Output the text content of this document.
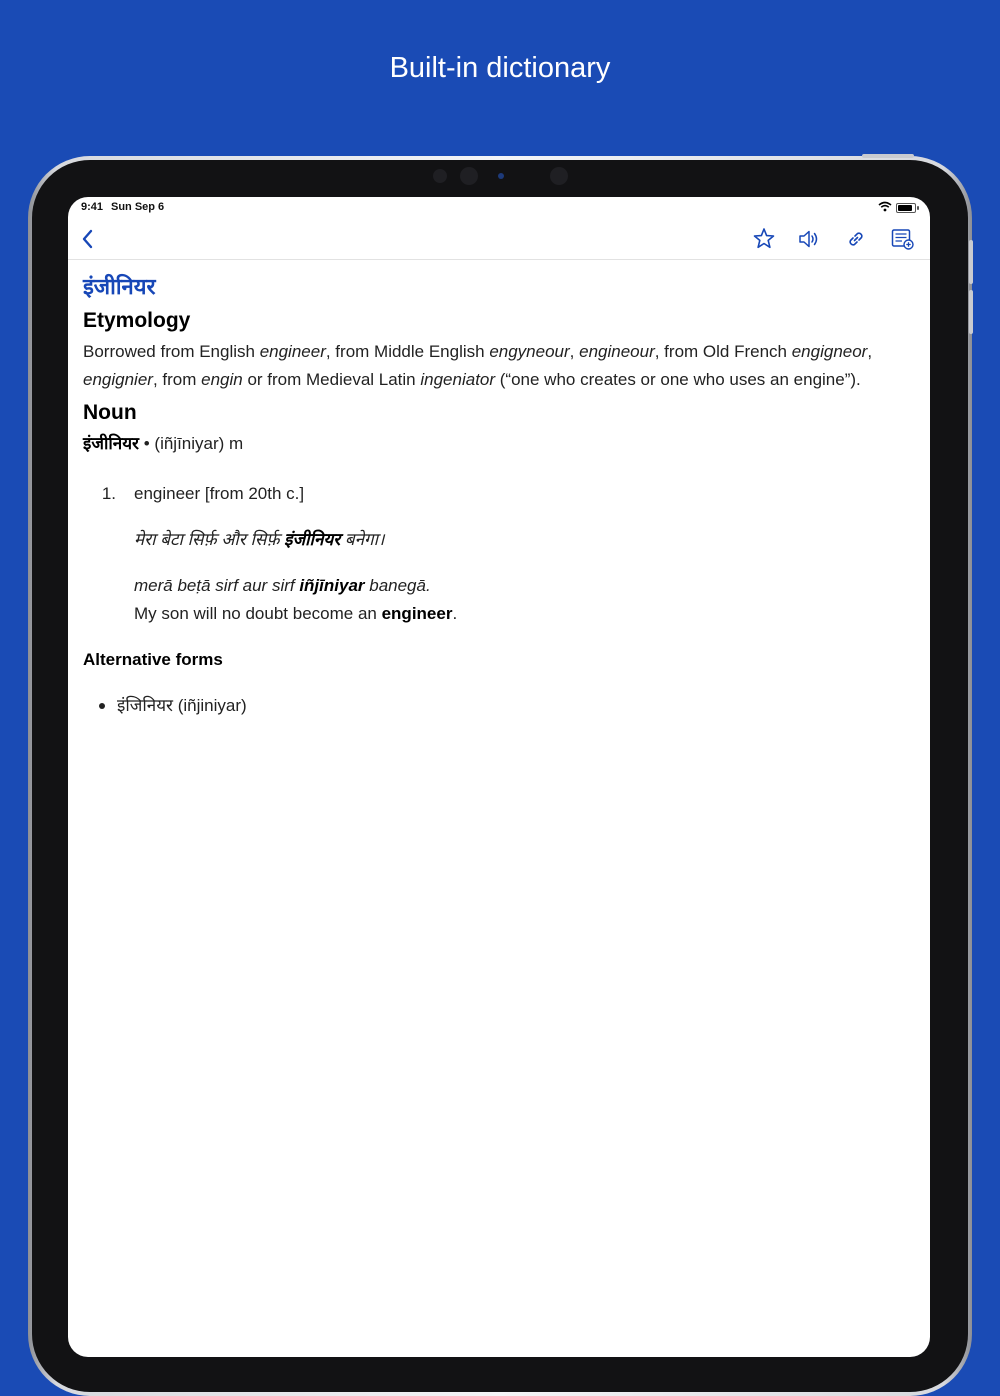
Built-in dictionary
9:41 Sun Sep 6
इंजीनियर
Etymology
Borrowed from English engineer, from Middle English engyneour, engineour, from Old French engigneor, engignier, from engin or from Medieval Latin ingeniator (“one who creates or one who uses an engine”).
Noun
इंजीनियर • (iñjīniyar) m
1. engineer [from 20th c.]
मेरा बेटा सिर्फ़ और सिर्फ़ इंजीनियर बनेगा।
merā beṭā sirf aur sirf iñjīniyar banegā.
My son will no doubt become an engineer.
Alternative forms
इंजिनियर (iñjiniyar)
